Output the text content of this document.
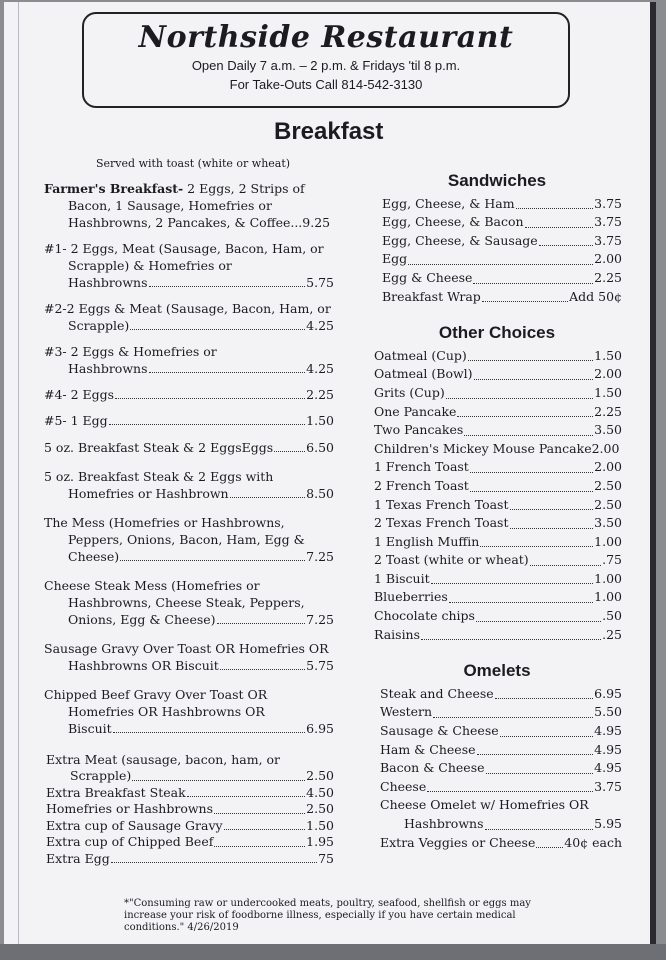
Northside Restaurant
Open Daily 7 a.m. – 2 p.m. & Fridays 'til 8 p.m.
For Take-Outs Call 814-542-3130
Breakfast
Served with toast (white or wheat)
Farmer's Breakfast- 2 Eggs, 2 Strips of
Bacon, 1 Sausage, Homefries or
Hashbrowns, 2 Pancakes, & Coffee...9.25
#1- 2 Eggs, Meat (Sausage, Bacon, Ham, or
Scrapple) & Homefries or
Hashbrowns	5.75
#2-2 Eggs & Meat (Sausage, Bacon, Ham, or
Scrapple)	4.25
#3- 2 Eggs & Homefries or
Hashbrowns	4.25
#4- 2 Eggs	2.25
#5- 1 Egg	1.50
5 oz. Breakfast Steak & 2 EggsEggs	6.50
5 oz. Breakfast Steak & 2 Eggs with
Homefries or Hashbrown	8.50
The Mess (Homefries or Hashbrowns,
Peppers, Onions, Bacon, Ham, Egg &
Cheese)	7.25
Cheese Steak Mess (Homefries or
Hashbrowns, Cheese Steak, Peppers,
Onions, Egg & Cheese)	7.25
Sausage Gravy Over Toast OR Homefries OR
Hashbrowns OR Biscuit	5.75
Chipped Beef Gravy Over Toast OR
Homefries OR Hashbrowns OR
Biscuit	6.95
Extra Meat (sausage, bacon, ham, or
Scrapple)	2.50
Extra Breakfast Steak	4.50
Homefries or Hashbrowns	2.50
Extra cup of Sausage Gravy	1.50
Extra cup of Chipped Beef	1.95
Extra Egg	75
Sandwiches
Egg, Cheese, & Ham	3.75
Egg, Cheese, & Bacon	3.75
Egg, Cheese, & Sausage	3.75
Egg	2.00
Egg & Cheese	2.25
Breakfast Wrap	Add 50¢
Other Choices
Oatmeal (Cup)	1.50
Oatmeal (Bowl)	2.00
Grits (Cup)	1.50
One Pancake	2.25
Two Pancakes	3.50
Children's Mickey Mouse Pancake 2.00
1 French Toast	2.00
2 French Toast	2.50
1 Texas French Toast	2.50
2 Texas French Toast	3.50
1 English Muffin	1.00
2 Toast (white or wheat)	.75
1 Biscuit	1.00
Blueberries	1.00
Chocolate chips	.50
Raisins	.25
Omelets
Steak and Cheese	6.95
Western	5.50
Sausage & Cheese	4.95
Ham & Cheese	4.95
Bacon & Cheese	4.95
Cheese	3.75
Cheese Omelet w/ Homefries OR
Hashbrowns	5.95
Extra Veggies or Cheese 40¢ each
*"Consuming raw or undercooked meats, poultry, seafood, shellfish or eggs may increase your risk of foodborne illness, especially if you have certain medical conditions." 4/26/2019
